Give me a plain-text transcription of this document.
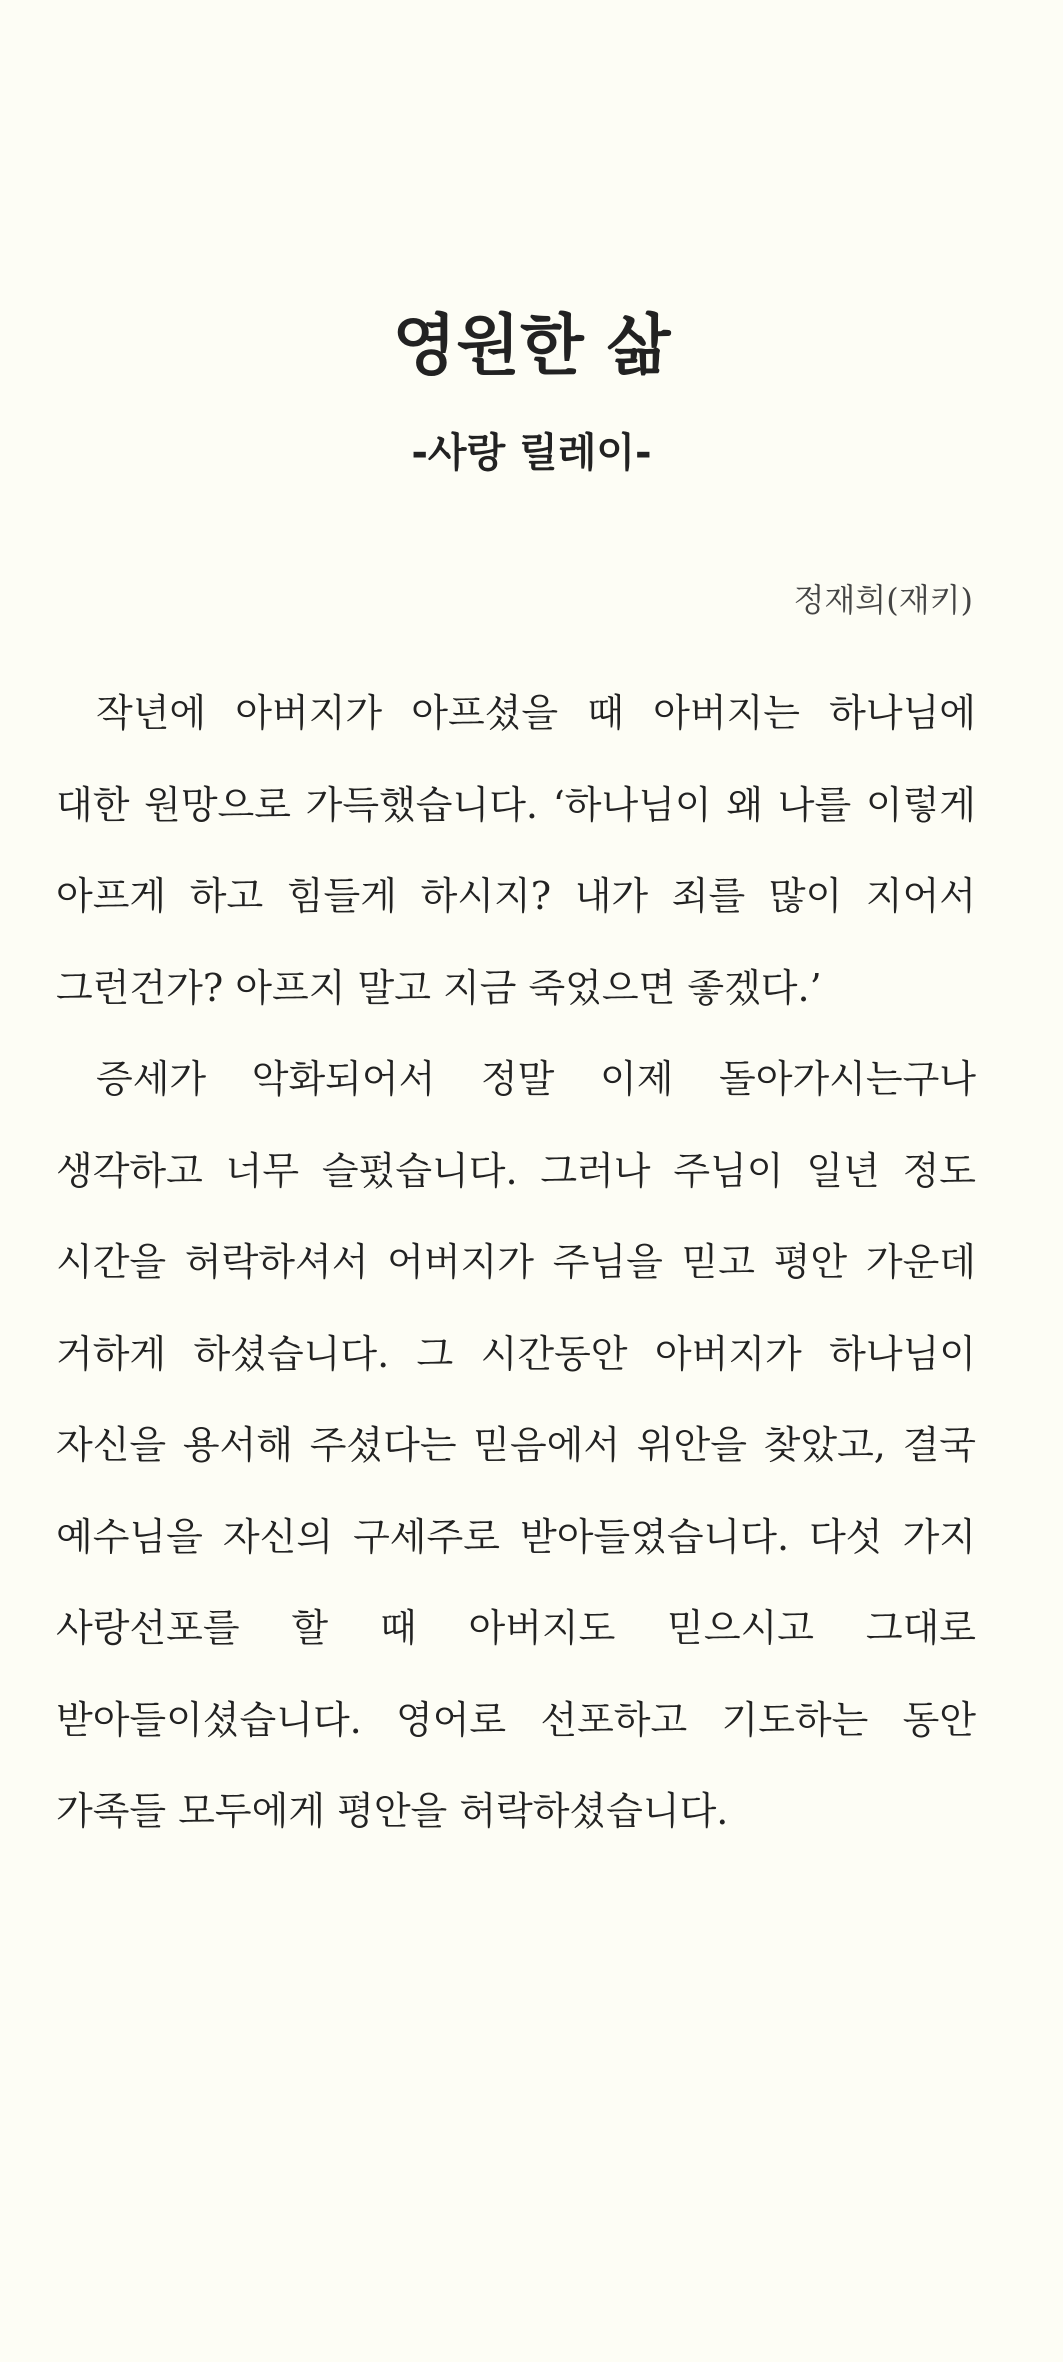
영원한 삶
-사랑 릴레이-

정재희(재키)

작년에 아버지가 아프셨을 때 아버지는 하나님에 대한 원망으로 가득했습니다. ‘하나님이 왜 나를 이렇게 아프게 하고 힘들게 하시지? 내가 죄를 많이 지어서 그런건가? 아프지 말고 지금 죽었으면 좋겠다.’

증세가 악화되어서 정말 이제 돌아가시는구나 생각하고 너무 슬펐습니다. 그러나 주님이 일년 정도 시간을 허락하셔서 어버지가 주님을 믿고 평안 가운데 거하게 하셨습니다. 그 시간동안 아버지가 하나님이 자신을 용서해 주셨다는 믿음에서 위안을 찾았고, 결국 예수님을 자신의 구세주로 받아들였습니다. 다섯 가지 사랑선포를 할 때 아버지도 믿으시고 그대로 받아들이셨습니다. 영어로 선포하고 기도하는 동안 가족들 모두에게 평안을 허락하셨습니다.
